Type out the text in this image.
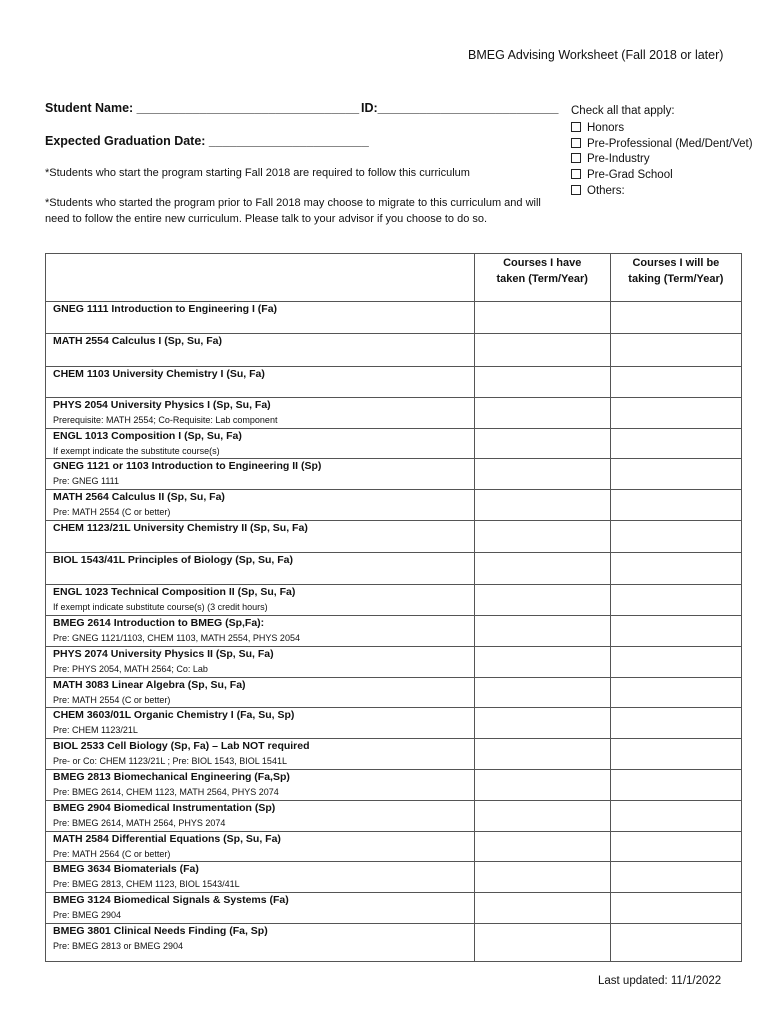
BMEG Advising Worksheet (Fall 2018 or later)
Student Name: ________________________________ ID:__________________________
Expected Graduation Date: _______________________
*Students who start the program starting Fall 2018 are required to follow this curriculum
*Students who started the program prior to Fall 2018 may choose to migrate to this curriculum and will need to follow the entire new curriculum. Please talk to your advisor if you choose to do so.
Check all that apply:
Honors
Pre-Professional (Med/Dent/Vet)
Pre-Industry
Pre-Grad School
Others:

	Courses I have taken (Term/Year)	Courses I will be taking (Term/Year)

GNEG 1111 Introduction to Engineering I (Fa)		
MATH 2554 Calculus I (Sp, Su, Fa)		
CHEM 1103 University Chemistry I (Su, Fa)		
PHYS 2054 University Physics I (Sp, Su, Fa)
Prerequisite: MATH 2554; Co-Requisite: Lab component		

ENGL 1013 Composition I (Sp, Su, Fa)
If exempt indicate the substitute course(s)		

GNEG 1121 or 1103 Introduction to Engineering II (Sp)
Pre: GNEG 1111		

MATH 2564 Calculus II (Sp, Su, Fa)
Pre: MATH 2554 (C or better)		

CHEM 1123/21L University Chemistry II (Sp, Su, Fa)		
BIOL 1543/41L Principles of Biology (Sp, Su, Fa)		
ENGL 1023 Technical Composition II (Sp, Su, Fa)
If exempt indicate substitute course(s) (3 credit hours)		

BMEG 2614 Introduction to BMEG (Sp,Fa):
Pre: GNEG 1121/1103, CHEM 1103, MATH 2554, PHYS 2054		

PHYS 2074 University Physics II (Sp, Su, Fa)
Pre: PHYS 2054, MATH 2564; Co: Lab		

MATH 3083 Linear Algebra (Sp, Su, Fa)
Pre: MATH 2554 (C or better)		

CHEM 3603/01L Organic Chemistry I (Fa, Su, Sp)
Pre: CHEM 1123/21L		

BIOL 2533 Cell Biology (Sp, Fa) – Lab NOT required
Pre- or Co: CHEM 1123/21L ; Pre: BIOL 1543, BIOL 1541L		

BMEG 2813 Biomechanical Engineering (Fa,Sp)
Pre: BMEG 2614, CHEM 1123, MATH 2564, PHYS 2074		

BMEG 2904 Biomedical Instrumentation (Sp)
Pre: BMEG 2614, MATH 2564, PHYS 2074		

MATH 2584 Differential Equations (Sp, Su, Fa)
Pre: MATH 2564 (C or better)		

BMEG 3634 Biomaterials (Fa)
Pre: BMEG 2813, CHEM 1123, BIOL 1543/41L		

BMEG 3124 Biomedical Signals & Systems (Fa)
Pre: BMEG 2904		

BMEG 3801 Clinical Needs Finding (Fa, Sp)
Pre: BMEG 2813 or BMEG 2904		

Last updated: 11/1/2022
